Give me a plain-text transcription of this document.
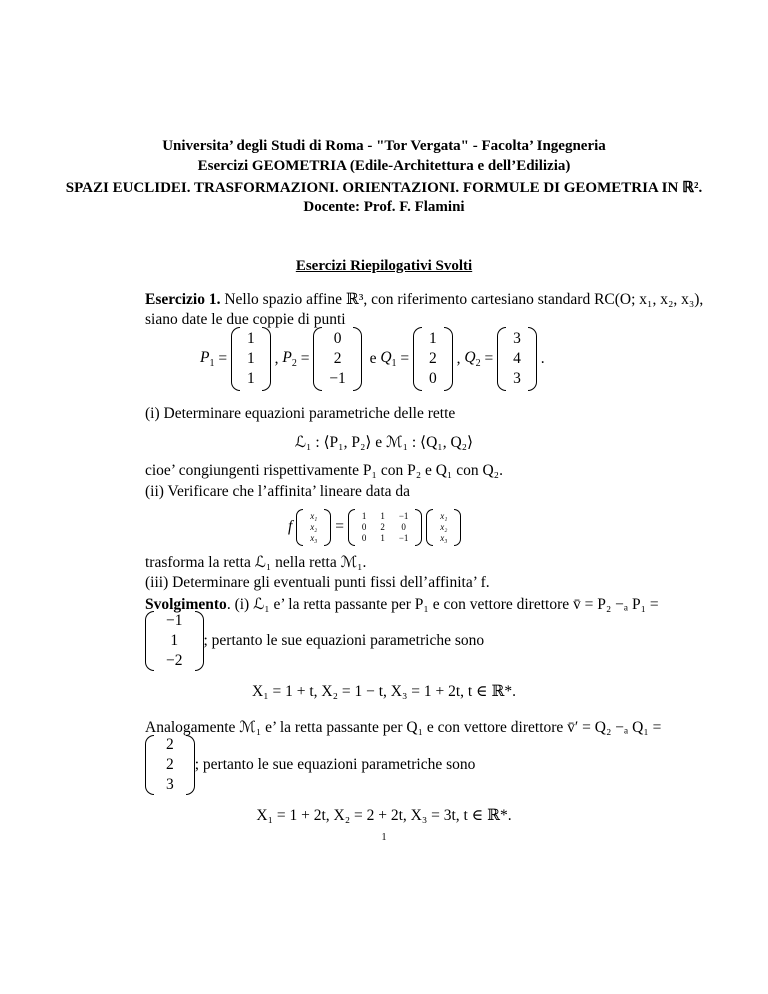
Universita’ degli Studi di Roma - "Tor Vergata" - Facolta’ Ingegneria
Esercizi GEOMETRIA (Edile-Architettura e dell’Edilizia)
SPAZI EUCLIDEI. TRASFORMAZIONI. ORIENTAZIONI. FORMULE DI GEOMETRIA IN ℝ².
Docente: Prof. F. Flamini
Esercizi Riepilogativi Svolti
Esercizio 1. Nello spazio affine ℝ³, con riferimento cartesiano standard RC(O; x₁, x₂, x₃),
siano date le due coppie di punti
$P_1$ =
1
1
1
, $P_2$ =
0
2
−1
e $Q_1$ =
1
2
0
, $Q_2$ =
3
4
3
.
(i) Determinare equazioni parametriche delle rette
ℒ₁ : ⟨P₁, P₂⟩ e ℳ₁ : ⟨Q₁, Q₂⟩
cioe’ congiungenti rispettivamente P₁ con P₂ e Q₁ con Q₂.
(ii) Verificare che l’affinita’ lineare data da
f

x₁
x₂
x₃
=
1
0
0
1
2
1
−1
0
−1

x₁
x₂
x₃
trasforma la retta ℒ₁ nella retta ℳ₁.
(iii) Determinare gli eventuali punti fissi dell’affinita’ f.
Svolgimento. (i) ℒ₁ e’ la retta passante per P₁ e con vettore direttore v̄ = P₂ −ₐ P₁ =
−1
1
−2
; pertanto le sue equazioni parametriche sono
X₁ = 1 + t, X₂ = 1 − t, X₃ = 1 + 2t, t ∈ ℝ*.
Analogamente ℳ₁ e’ la retta passante per Q₁ e con vettore direttore v̄′ = Q₂ −ₐ Q₁ =
2
2
3
; pertanto le sue equazioni parametriche sono
X₁ = 1 + 2t, X₂ = 2 + 2t, X₃ = 3t, t ∈ ℝ*.
1
